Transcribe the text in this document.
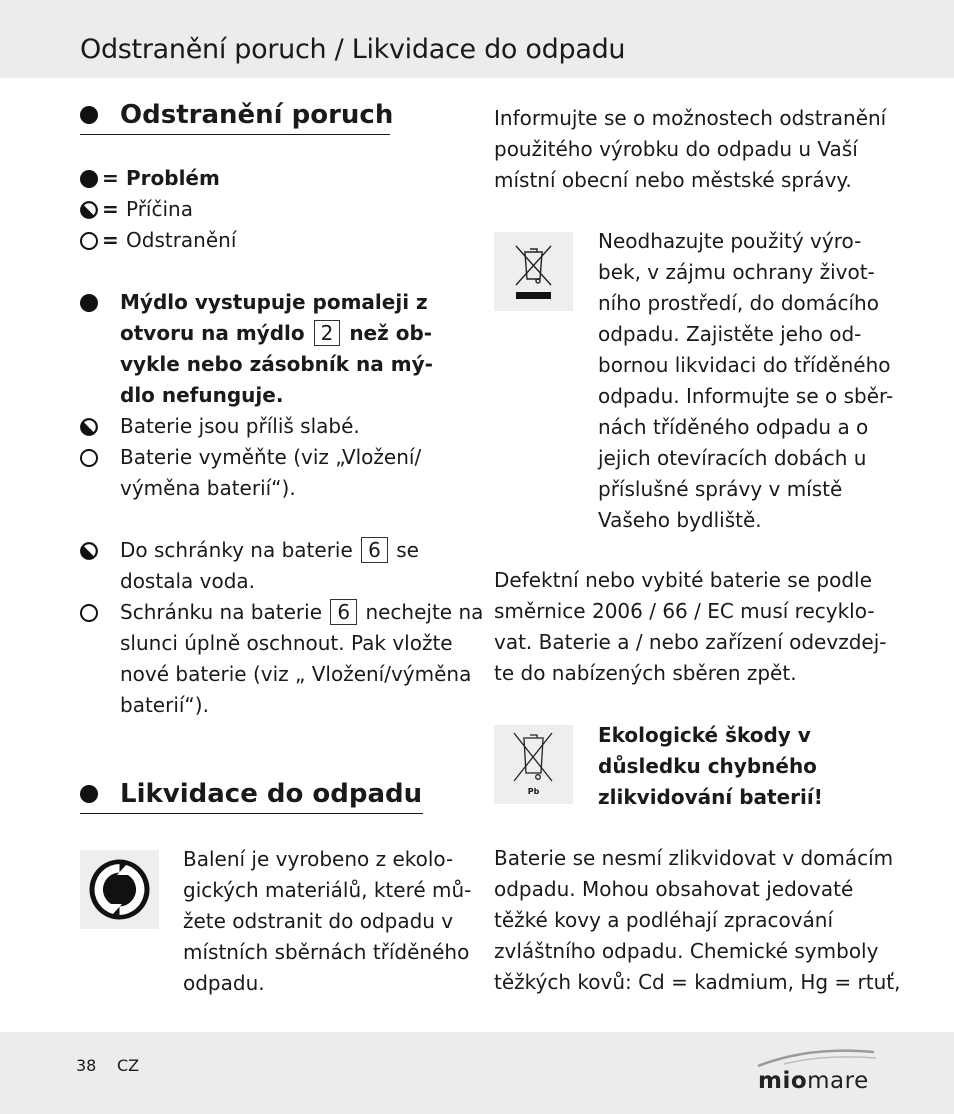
Odstranění poruch / Likvidace do odpadu
Odstranění poruch
= Problém
= Příčina
= Odstranění
Mýdlo vystupuje pomaleji z
otvoru na mýdlo 2 než ob-
vykle nebo zásobník na mý-
dlo nefunguje.
Baterie jsou příliš slabé.
Baterie vyměňte (viz „Vložení/
výměna baterií“).
Do schránky na baterie 6 se
dostala voda.
Schránku na baterie 6 nechejte na
slunci úplně oschnout. Pak vložte
nové baterie (viz „ Vložení/výměna
baterií“).
Likvidace do odpadu
Balení je vyrobeno z ekolo-
gických materiálů, které mů-
žete odstranit do odpadu v
místních sběrnách tříděného
odpadu.
Informujte se o možnostech odstranění
použitého výrobku do odpadu u Vaší
místní obecní nebo městské správy.
Neodhazujte použitý výro-
bek, v zájmu ochrany život-
ního prostředí, do domácího
odpadu. Zajistěte jeho od-
bornou likvidaci do tříděného
odpadu. Informujte se o sběr-
nách tříděného odpadu a o
jejich otevíracích dobách u
příslušné správy v místě
Vašeho bydliště.
Defektní nebo vybité baterie se podle
směrnice 2006 / 66 / EC musí recyklo-
vat. Baterie a / nebo zařízení odevzdej-
te do nabízených sběren zpět.
Pb
Ekologické škody v
důsledku chybného
zlikvidování baterií!
Baterie se nesmí zlikvidovat v domácím
odpadu. Mohou obsahovat jedovaté
těžké kovy a podléhají zpracování
zvláštního odpadu. Chemické symboly
těžkých kovů: Cd = kadmium, Hg = rtuť,
38 CZ
miomare
